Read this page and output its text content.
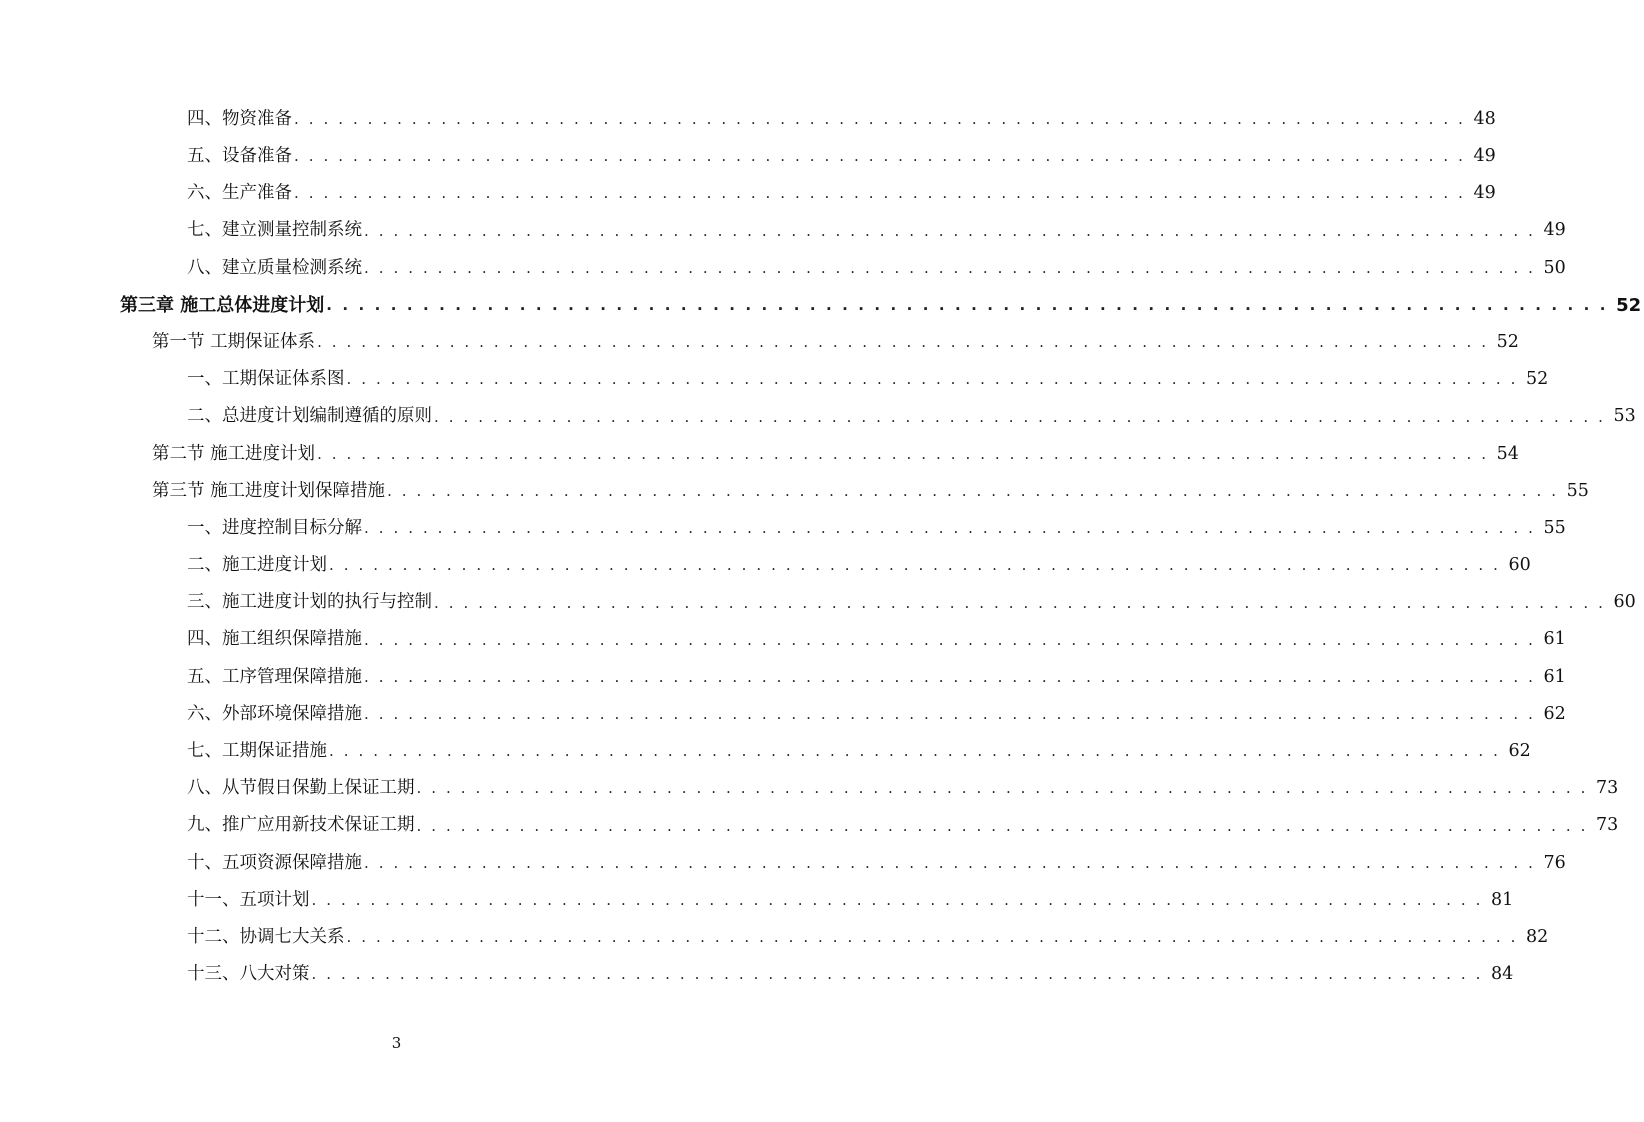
四、物资准备 . . . . . . . . . . . . . . . . . . . . . . . . . . . . . . . . . . . . . . . . . . . . . . . . . . . . . . . . . . . . . . . . . . . . . . . . . . . . . . . . 48
五、设备准备 . . . . . . . . . . . . . . . . . . . . . . . . . . . . . . . . . . . . . . . . . . . . . . . . . . . . . . . . . . . . . . . . . . . . . . . . . . . . . . . . 49
六、生产准备 . . . . . . . . . . . . . . . . . . . . . . . . . . . . . . . . . . . . . . . . . . . . . . . . . . . . . . . . . . . . . . . . . . . . . . . . . . . . . . . . 49
七、建立测量控制系统 . . . . . . . . . . . . . . . . . . . . . . . . . . . . . . . . . . . . . . . . . . . . . . . . . . . . . . . . . . . . . . . . . . . . . . . . . . . . . . . . 49
八、建立质量检测系统 . . . . . . . . . . . . . . . . . . . . . . . . . . . . . . . . . . . . . . . . . . . . . . . . . . . . . . . . . . . . . . . . . . . . . . . . . . . . . . . . 50
第三章 施工总体进度计划 . . . . . . . . . . . . . . . . . . . . . . . . . . . . . . . . . . . . . . . . . . . . . . . . . . . . . . . . . . . . . . . . . . . . . . . . . . . . . . . . 52
第一节 工期保证体系 . . . . . . . . . . . . . . . . . . . . . . . . . . . . . . . . . . . . . . . . . . . . . . . . . . . . . . . . . . . . . . . . . . . . . . . . . . . . . . . . 52
一、工期保证体系图 . . . . . . . . . . . . . . . . . . . . . . . . . . . . . . . . . . . . . . . . . . . . . . . . . . . . . . . . . . . . . . . . . . . . . . . . . . . . . . . . 52
二、总进度计划编制遵循的原则 . . . . . . . . . . . . . . . . . . . . . . . . . . . . . . . . . . . . . . . . . . . . . . . . . . . . . . . . . . . . . . . . . . . . . . . . . . . . . . . . 53
第二节 施工进度计划 . . . . . . . . . . . . . . . . . . . . . . . . . . . . . . . . . . . . . . . . . . . . . . . . . . . . . . . . . . . . . . . . . . . . . . . . . . . . . . . . 54
第三节 施工进度计划保障措施 . . . . . . . . . . . . . . . . . . . . . . . . . . . . . . . . . . . . . . . . . . . . . . . . . . . . . . . . . . . . . . . . . . . . . . . . . . . . . . . . 55
一、进度控制目标分解 . . . . . . . . . . . . . . . . . . . . . . . . . . . . . . . . . . . . . . . . . . . . . . . . . . . . . . . . . . . . . . . . . . . . . . . . . . . . . . . . 55
二、施工进度计划 . . . . . . . . . . . . . . . . . . . . . . . . . . . . . . . . . . . . . . . . . . . . . . . . . . . . . . . . . . . . . . . . . . . . . . . . . . . . . . . . 60
三、施工进度计划的执行与控制 . . . . . . . . . . . . . . . . . . . . . . . . . . . . . . . . . . . . . . . . . . . . . . . . . . . . . . . . . . . . . . . . . . . . . . . . . . . . . . . . 60
四、施工组织保障措施 . . . . . . . . . . . . . . . . . . . . . . . . . . . . . . . . . . . . . . . . . . . . . . . . . . . . . . . . . . . . . . . . . . . . . . . . . . . . . . . . 61
五、工序管理保障措施 . . . . . . . . . . . . . . . . . . . . . . . . . . . . . . . . . . . . . . . . . . . . . . . . . . . . . . . . . . . . . . . . . . . . . . . . . . . . . . . . 61
六、外部环境保障措施 . . . . . . . . . . . . . . . . . . . . . . . . . . . . . . . . . . . . . . . . . . . . . . . . . . . . . . . . . . . . . . . . . . . . . . . . . . . . . . . . 62
七、工期保证措施 . . . . . . . . . . . . . . . . . . . . . . . . . . . . . . . . . . . . . . . . . . . . . . . . . . . . . . . . . . . . . . . . . . . . . . . . . . . . . . . . 62
八、从节假日保勤上保证工期 . . . . . . . . . . . . . . . . . . . . . . . . . . . . . . . . . . . . . . . . . . . . . . . . . . . . . . . . . . . . . . . . . . . . . . . . . . . . . . . . 73
九、推广应用新技术保证工期 . . . . . . . . . . . . . . . . . . . . . . . . . . . . . . . . . . . . . . . . . . . . . . . . . . . . . . . . . . . . . . . . . . . . . . . . . . . . . . . . 73
十、五项资源保障措施 . . . . . . . . . . . . . . . . . . . . . . . . . . . . . . . . . . . . . . . . . . . . . . . . . . . . . . . . . . . . . . . . . . . . . . . . . . . . . . . . 76
十一、五项计划 . . . . . . . . . . . . . . . . . . . . . . . . . . . . . . . . . . . . . . . . . . . . . . . . . . . . . . . . . . . . . . . . . . . . . . . . . . . . . . . . 81
十二、协调七大关系 . . . . . . . . . . . . . . . . . . . . . . . . . . . . . . . . . . . . . . . . . . . . . . . . . . . . . . . . . . . . . . . . . . . . . . . . . . . . . . . . 82
十三、八大对策 . . . . . . . . . . . . . . . . . . . . . . . . . . . . . . . . . . . . . . . . . . . . . . . . . . . . . . . . . . . . . . . . . . . . . . . . . . . . . . . . 84
3
